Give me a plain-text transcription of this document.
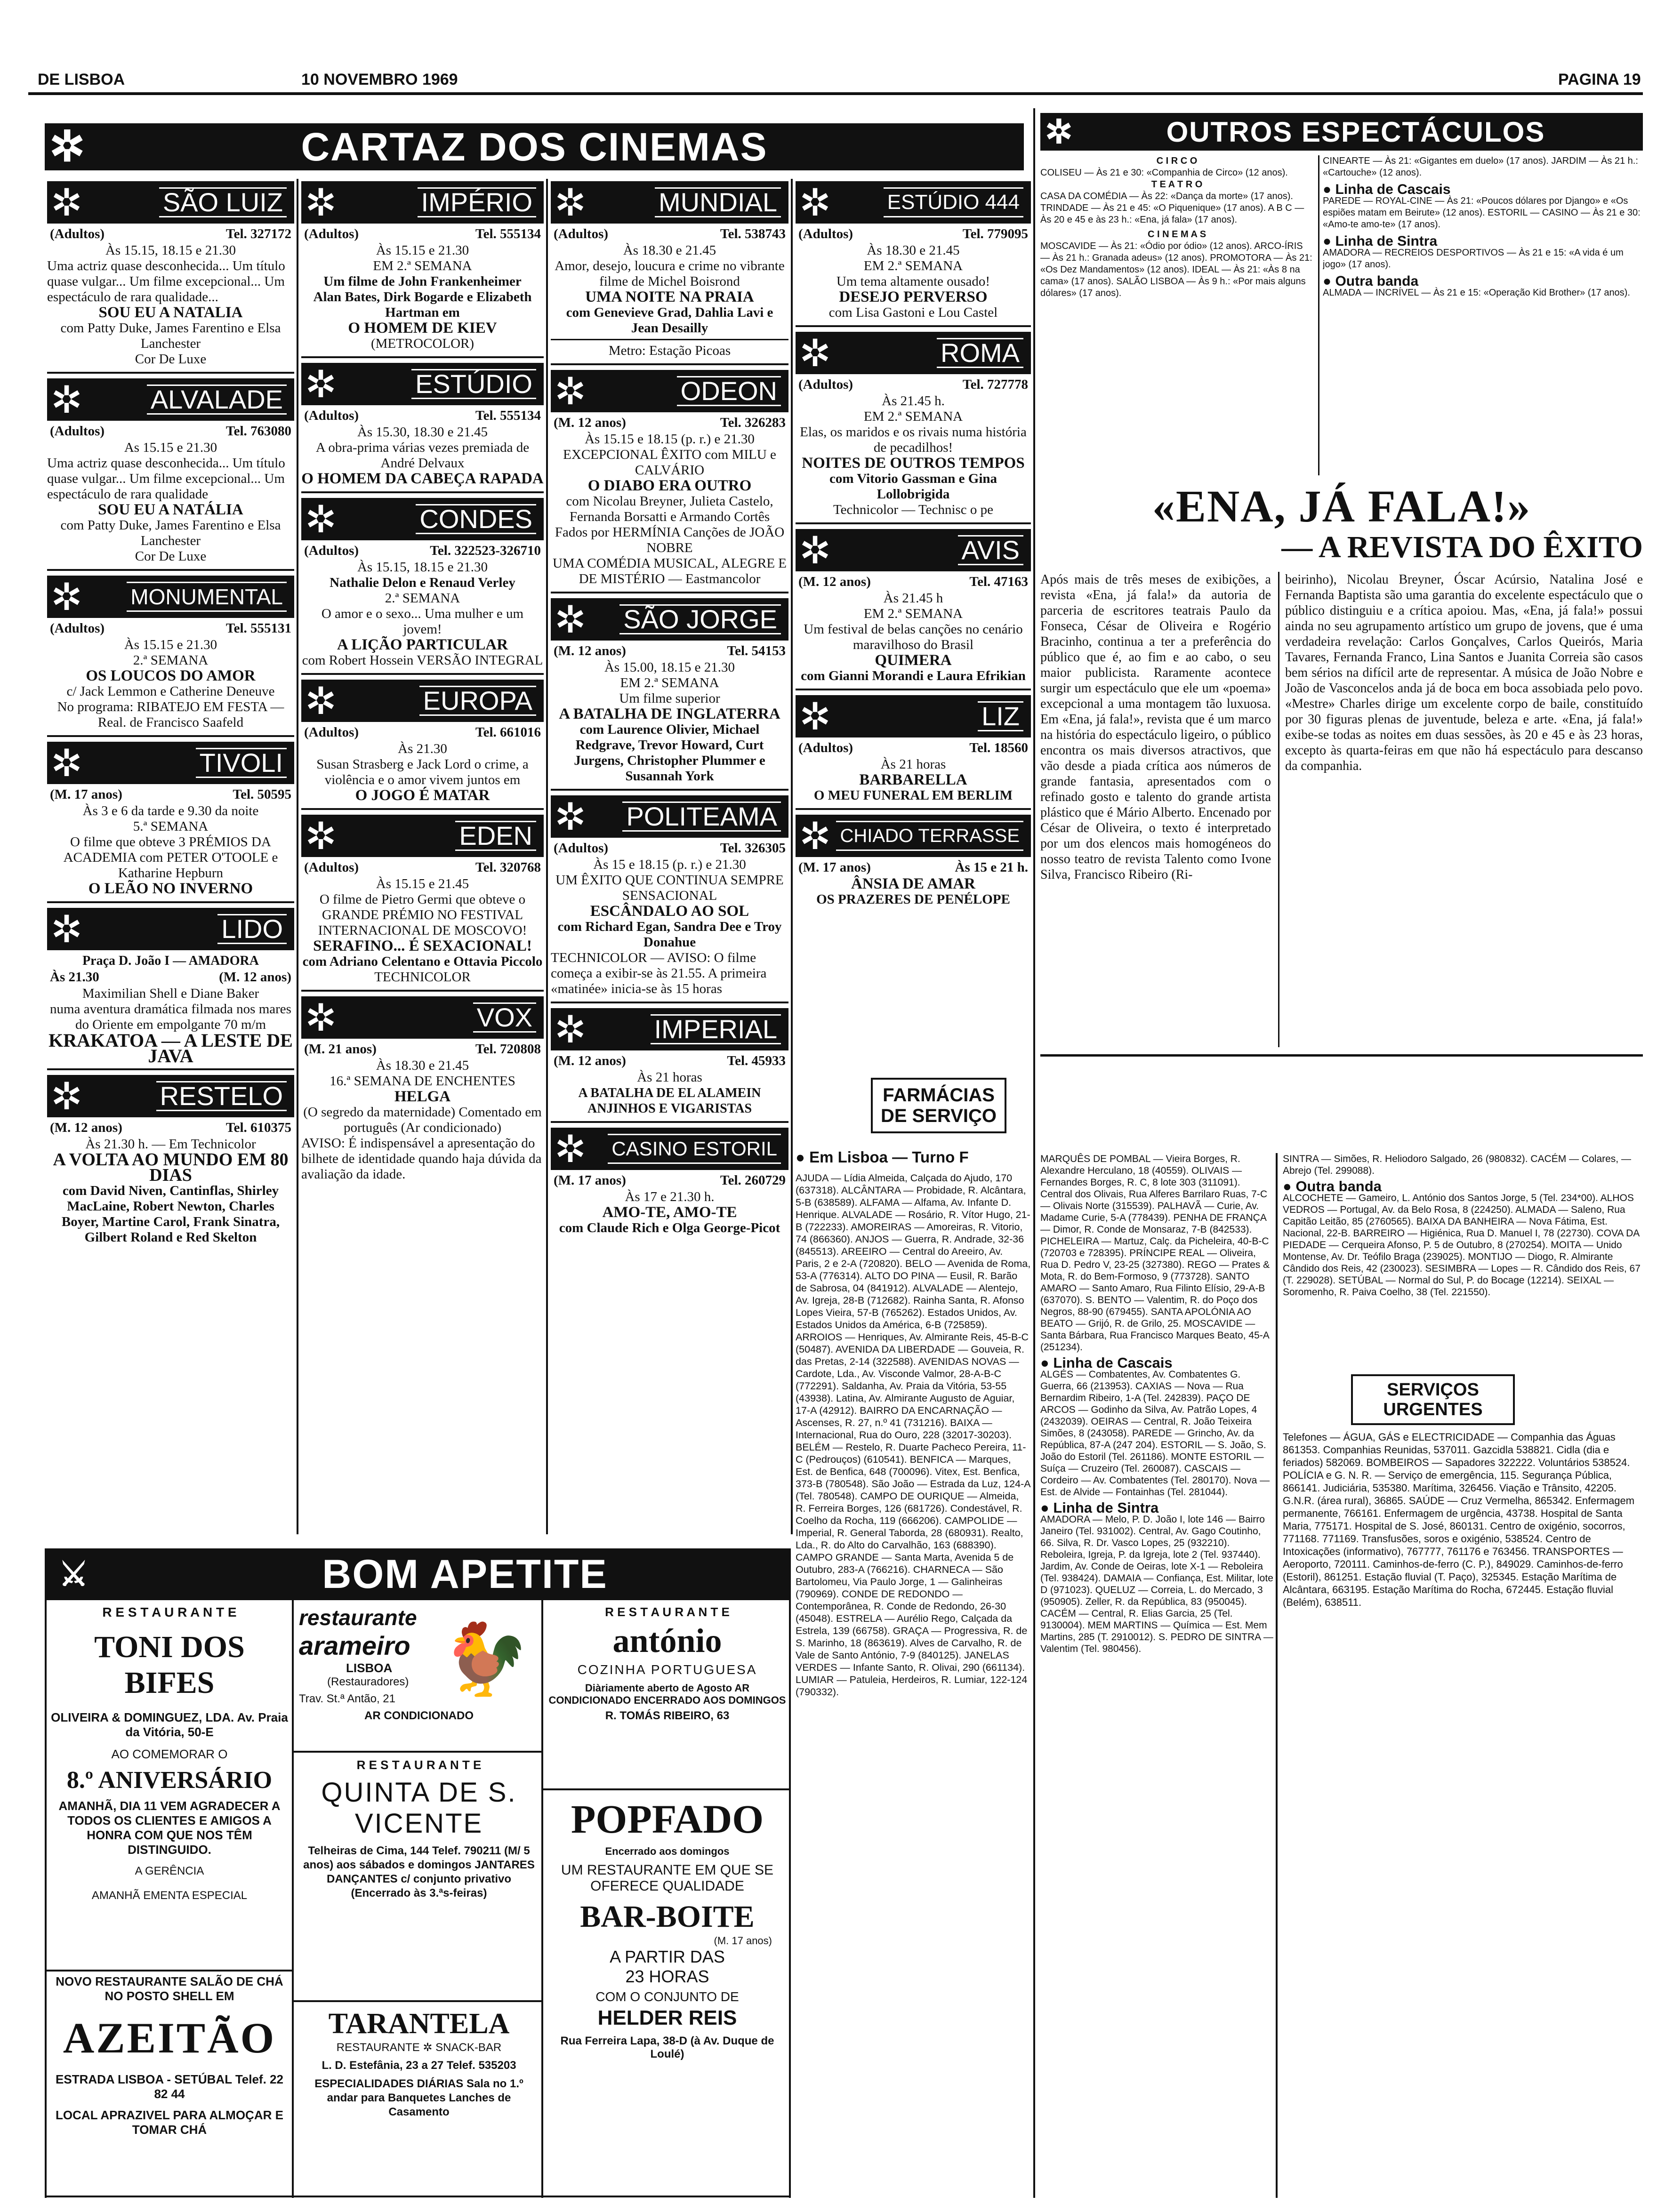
DE LISBOA	10 NOVEMBRO 1969	PAGINA 19
✲	CARTAZ DOS CINEMAS	✲	OUTROS ESPECTÁCULOS
✲	SÃO LUIZ
(Adultos)	Tel. 327172

Às 15.15, 18.15 e 21.30

Uma actriz quase desconhecida... Um título quase vulgar... Um filme excepcional... Um espectáculo de rara qualidade...

SOU EU A NATALIA

com Patty Duke, James Farentino e Elsa Lanchester

Cor De Luxe

✲	ALVALADE
(Adultos)	Tel. 763080

As 15.15 e 21.30

Uma actriz quase desconhecida... Um título quase vulgar... Um filme excepcional... Um espectáculo de rara qualidade

SOU EU A NATÁLIA

com Patty Duke, James Farentino e Elsa Lanchester

Cor De Luxe

✲ MONUMENTAL
(Adultos)	Tel. 555131

Às 15.15 e 21.30

2.ª SEMANA

OS LOUCOS DO AMOR

c/ Jack Lemmon e Catherine Deneuve

No programa: RIBATEJO EM FESTA — Real. de Francisco Saafeld

✲	TIVOLI
(M. 17 anos)	Tel. 50595

Às 3 e 6 da tarde e 9.30 da noite

5.ª SEMANA

O filme que obteve 3 PRÉMIOS DA ACADEMIA com PETER O'TOOLE e Katharine Hepburn

O LEÃO NO INVERNO

✲	LIDO

Praça D. João I — AMADORA

Às 21.30	(M. 12 anos)

Maximilian Shell e Diane Baker

numa aventura dramática filmada nos mares do Oriente em empolgante 70 m/m

KRAKATOA — A LESTE DE JAVA

✲	RESTELO
(M. 12 anos)	Tel. 610375

Às 21.30 h. — Em Technicolor

A VOLTA AO MUNDO EM 80 DIAS

com David Niven, Cantinflas, Shirley MacLaine, Robert Newton, Charles Boyer, Martine Carol, Frank Sinatra, Gilbert Roland e Red Skelton

✲	IMPÉRIO
(Adultos)	Tel. 555134

Às 15.15 e 21.30

EM 2.ª SEMANA

Um filme de John Frankenheimer

Alan Bates, Dirk Bogarde e Elizabeth Hartman em

O HOMEM DE KIEV

(METROCOLOR)

✲	ESTÚDIO
(Adultos)	Tel. 555134

Às 15.30, 18.30 e 21.45

A obra-prima várias vezes premiada de André Delvaux

O HOMEM DA CABEÇA RAPADA

✲	CONDES
(Adultos)	Tel. 322523-326710

Às 15.15, 18.15 e 21.30

Nathalie Delon e Renaud Verley

2.ª SEMANA

O amor e o sexo... Uma mulher e um jovem!

A LIÇÃO PARTICULAR

com Robert Hossein VERSÃO INTEGRAL

✲	EUROPA
(Adultos)	Tel. 661016

Às 21.30

Susan Strasberg e Jack Lord o crime, a violência e o amor vivem juntos em

O JOGO É MATAR

✲	EDEN
(Adultos)	Tel. 320768

Às 15.15 e 21.45

O filme de Pietro Germi que obteve o GRANDE PRÉMIO NO FESTIVAL INTERNACIONAL DE MOSCOVO!

SERAFINO... É SEXACIONAL!

com Adriano Celentano e Ottavia Piccolo

TECHNICOLOR

✲	VOX
(M. 21 anos)	Tel. 720808

Às 18.30 e 21.45

16.ª SEMANA DE ENCHENTES

HELGA

(O segredo da maternidade) Comentado em português (Ar condicionado)

AVISO: É indispensável a apresentação do bilhete de identidade quando haja dúvida da avaliação da idade.

✲	MUNDIAL
(Adultos)	Tel. 538743

Às 18.30 e 21.45

Amor, desejo, loucura e crime no vibrante filme de Michel Boisrond

UMA NOITE NA PRAIA

com Genevieve Grad, Dahlia Lavi e Jean Desailly

Metro: Estação Picoas

✲	ODEON
(M. 12 anos)	Tel. 326283

Às 15.15 e 18.15 (p. r.) e 21.30

EXCEPCIONAL ÊXITO com MILU e CALVÁRIO

O DIABO ERA OUTRO

com Nicolau Breyner, Julieta Castelo, Fernanda Borsatti e Armando Cortês

Fados por HERMÍNIA Canções de JOÃO NOBRE

UMA COMÉDIA MUSICAL, ALEGRE E DE MISTÉRIO — Eastmancolor

✲ SÃO JORGE
(M. 12 anos)	Tel. 54153

Às 15.00, 18.15 e 21.30

EM 2.ª SEMANA

Um filme superior

A BATALHA DE INGLATERRA

com Laurence Olivier, Michael Redgrave, Trevor Howard, Curt Jurgens, Christopher Plummer e Susannah York

✲ POLITEAMA
(Adultos)	Tel. 326305

Às 15 e 18.15 (p. r.) e 21.30

UM ÊXITO QUE CONTINUA SEMPRE SENSACIONAL

ESCÂNDALO AO SOL

com Richard Egan, Sandra Dee e Troy Donahue

TECHNICOLOR — AVISO: O filme começa a exibir-se às 21.55. A primeira «matinée» inicia-se às 15 horas

✲	IMPERIAL
(M. 12 anos)	Tel. 45933

Às 21 horas

A BATALHA DE EL ALAMEIN

ANJINHOS E VIGARISTAS

✲ CASINO ESTORIL
(M. 17 anos)	Tel. 260729

Às 17 e 21.30 h.

AMO-TE, AMO-TE

com Claude Rich e Olga George-Picot

✲	ESTÚDIO 444
(Adultos)	Tel. 779095

Às 18.30 e 21.45

EM 2.ª SEMANA

Um tema altamente ousado!

DESEJO PERVERSO

com Lisa Gastoni e Lou Castel

✲	ROMA
(Adultos)	Tel. 727778

Às 21.45 h.

EM 2.ª SEMANA

Elas, os maridos e os rivais numa história de pecadilhos!

NOITES DE OUTROS TEMPOS

com Vitorio Gassman e Gina Lollobrigida

Technicolor — Technisc o pe

✲	AVIS
(M. 12 anos)	Tel. 47163

Às 21.45 h

EM 2.ª SEMANA

Um festival de belas canções no cenário maravilhoso do Brasil

QUIMERA

com Gianni Morandi e Laura Efrikian

✲	LIZ
(Adultos)	Tel. 18560

Às 21 horas

BARBARELLA

O MEU FUNERAL EM BERLIM

✲ CHIADO TERRASSE
(M. 17 anos)	Às 15 e 21 h.

ÂNSIA DE AMAR

OS PRAZERES DE PENÉLOPE

FARMÁCIAS DE SERVIÇO
C I R C O
COLISEU — Às 21 e 30: «Companhia de Circo» (12 anos).
T E A T R O
CASA DA COMÉDIA — Às 22: «Dança da morte» (17 anos). TRINDADE — Às 21 e 45: «O Piquenique» (17 anos). A B C — Às 20 e 45 e às 23 h.: «Ena, já fala» (17 anos).
C I N E M A S
MOSCAVIDE — Às 21: «Ódio por ódio» (12 anos). ARCO-ÍRIS — Às 21 h.: Granada adeus» (12 anos). PROMOTORA — Às 21: «Os Dez Mandamentos» (12 anos). IDEAL — Às 21: «Às 8 na cama» (17 anos). SALÃO LISBOA — Às 9 h.: «Por mais alguns dólares» (17 anos).
CINEARTE — Às 21: «Gigantes em duelo» (17 anos). JARDIM — Às 21 h.: «Cartouche» (12 anos).
● Linha de Cascais
PAREDE — ROYAL-CINE — Às 21: «Poucos dólares por Django» e «Os espiões matam em Beirute» (12 anos). ESTORIL — CASINO — Às 21 e 30: «Amo-te amo-te» (17 anos).
● Linha de Sintra
AMADORA — RECREIOS DESPORTIVOS — Às 21 e 15: «A vida é um jogo» (17 anos).
● Outra banda
ALMADA — INCRÍVEL — Às 21 e 15: «Operação Kid Brother» (17 anos).
«ENA, JÁ FALA!»
— A REVISTA DO ÊXITO
Após mais de três meses de exibições, a revista «Ena, já fala!» da autoria de parceria de escritores teatrais Paulo da Fonseca, César de Oliveira e Rogério Bracinho, continua a ter a preferência do público que é, ao fim e ao cabo, o seu maior publicista. Raramente acontece surgir um espectáculo que ele um «poema» excepcional a uma montagem tão luxuosa. Em «Ena, já fala!», revista que é um marco na história do espectáculo ligeiro, o público encontra os mais diversos atractivos, que vão desde a piada crítica aos números de grande fantasia, apresentados com o refinado gosto e talento do grande artista plástico que é Mário Alberto. Encenado por César de Oliveira, o texto é interpretado por um dos elencos mais homogéneos do nosso teatro de revista Talento como Ivone Silva, Francisco Ribeiro (Ri-
beirinho), Nicolau Breyner, Óscar Acúrsio, Natalina José e Fernanda Baptista são uma garantia do excelente espectáculo que o público distinguiu e a crítica apoiou. Mas, «Ena, já fala!» possui ainda no seu agrupamento artístico um grupo de jovens, que é uma verdadeira revelação: Carlos Gonçalves, Carlos Queirós, Maria Tavares, Fernanda Franco, Lina Santos e Juanita Correia são casos bem sérios na difícil arte de representar. A música de João Nobre e João de Vasconcelos anda já de boca em boca assobiada pelo povo. «Mestre» Charles dirige um excelente corpo de baile, constituído por 30 figuras plenas de juventude, beleza e arte. «Ena, já fala!» exibe-se todas as noites em duas sessões, às 20 e 45 e às 23 horas, excepto às quarta-feiras em que não há espectáculo para descanso da companhia.
● Em Lisboa — Turno F
AJUDA — Lídia Almeida, Calçada do Ajudo, 170 (637318). ALCÂNTARA — Probidade, R. Alcântara, 5-B (638589). ALFAMA — Alfama, Av. Infante D. Henrique. ALVALADE — Rosário, R. Vítor Hugo, 21-B (722233). AMOREIRAS — Amoreiras, R. Vitorio, 74 (866360). ANJOS — Guerra, R. Andrade, 32-36 (845513). AREEIRO — Central do Areeiro, Av. Paris, 2 e 2-A (720820). BELO — Avenida de Roma, 53-A (776314). ALTO DO PINA — Eusil, R. Barão de Sabrosa, 04 (841912). ALVALADE — Alentejo, Av. Igreja, 28-B (712682). Rainha Santa, R. Afonso Lopes Vieira, 57-B (765262). Estados Unidos, Av. Estados Unidos da América, 6-B (725859). ARROIOS — Henriques, Av. Almirante Reis, 45-B-C (50487). AVENIDA DA LIBERDADE — Gouveia, R. das Pretas, 2-14 (322588). AVENIDAS NOVAS — Cardote, Lda., Av. Visconde Valmor, 28-A-B-C (772291). Saldanha, Av. Praia da Vitória, 53-55 (43938). Latina, Av. Almirante Augusto de Aguiar, 17-A (42912). BAIRRO DA ENCARNAÇÃO — Ascenses, R. 27, n.º 41 (731216). BAIXA — Internacional, Rua do Ouro, 228 (32017-30203). BELÉM — Restelo, R. Duarte Pacheco Pereira, 11-C (Pedrouços) (610541). BENFICA — Marques, Est. de Benfica, 648 (700096). Vitex, Est. Benfica, 373-B (780548). São João — Estrada da Luz, 124-A (Tel. 780548). CAMPO DE OURIQUE — Almeida, R. Ferreira Borges, 126 (681726). Condestável, R. Coelho da Rocha, 119 (666206). CAMPOLIDE — Imperial, R. General Taborda, 28 (680931). Realto, Lda., R. do Alto do Carvalhão, 163 (688390). CAMPO GRANDE — Santa Marta, Avenida 5 de Outubro, 283-A (766216). CHARNECA — São Bartolomeu, Via Paulo Jorge, 1 — Galinheiras (790969). CONDE DE REDONDO — Contemporânea, R. Conde de Redondo, 26-30 (45048). ESTRELA — Aurélio Rego, Calçada da Estrela, 139 (66758). GRAÇA — Progressiva, R. de S. Marinho, 18 (863619). Alves de Carvalho, R. de Vale de Santo António, 7-9 (840125). JANELAS VERDES — Infante Santo, R. Olivai, 290 (661134). LUMIAR — Patuleia, Herdeiros, R. Lumiar, 122-124 (790332).
MARQUÊS DE POMBAL — Vieira Borges, R. Alexandre Herculano, 18 (40559). OLIVAIS — Fernandes Borges, R. C, 8 lote 303 (311091). Central dos Olivais, Rua Alferes Barrilaro Ruas, 7-C — Olivais Norte (315539). PALHAVÃ — Curie, Av. Madame Curie, 5-A (778439). PENHA DE FRANÇA — Dimor, R. Conde de Monsaraz, 7-B (842533). PICHELEIRA — Martuz, Calç. da Picheleira, 40-B-C (720703 e 728395). PRÍNCIPE REAL — Oliveira, Rua D. Pedro V, 23-25 (327380). REGO — Prates & Mota, R. do Bem-Formoso, 9 (773728). SANTO AMARO — Santo Amaro, Rua Filinto Elísio, 29-A-B (637070). S. BENTO — Valentim, R. do Poço dos Negros, 88-90 (679455). SANTA APOLÓNIA AO BEATO — Grijó, R. de Grilo, 25. MOSCAVIDE — Santa Bárbara, Rua Francisco Marques Beato, 45-A (251234).
● Linha de Cascais
ALGÉS — Combatentes, Av. Combatentes G. Guerra, 66 (213953). CAXIAS — Nova — Rua Bernardim Ribeiro, 1-A (Tel. 242839). PAÇO DE ARCOS — Godinho da Silva, Av. Patrão Lopes, 4 (2432039). OEIRAS — Central, R. João Teixeira Simões, 8 (243058). PAREDE — Grincho, Av. da República, 87-A (247 204). ESTORIL — S. João, S. João do Estoril (Tel. 261186). MONTE ESTORIL — Suíça — Cruzeiro (Tel. 260087). CASCAIS — Cordeiro — Av. Combatentes (Tel. 280170). Nova — Est. de Alvide — Fontainhas (Tel. 281044).
● Linha de Sintra
AMADORA — Melo, P. D. João I, lote 146 — Bairro Janeiro (Tel. 931002). Central, Av. Gago Coutinho, 66. Silva, R. Dr. Vasco Lopes, 25 (932210). Reboleira, Igreja, P. da Igreja, lote 2 (Tel. 937440). Jardim, Av. Conde de Oeiras, lote X-1 — Reboleira (Tel. 938424). DAMAIA — Confiança, Est. Militar, lote D (971023). QUELUZ — Correia, L. do Mercado, 3 (950905). Zeller, R. da República, 83 (950045). CACÉM — Central, R. Elias Garcia, 25 (Tel. 9130004). MEM MARTINS — Química — Est. Mem Martins, 285 (T. 2910012). S. PEDRO DE SINTRA — Valentim (Tel. 980456).
SINTRA — Simões, R. Heliodoro Salgado, 26 (980832). CACÉM — Colares, — Abrejo (Tel. 299088).
● Outra banda
ALCOCHETE — Gameiro, L. António dos Santos Jorge, 5 (Tel. 234*00). ALHOS VEDROS — Portugal, Av. da Belo Rosa, 8 (224250). ALMADA — Saleno, Rua Capitão Leitão, 85 (2760565). BAIXA DA BANHEIRA — Nova Fátima, Est. Nacional, 22-B. BARREIRO — Higiénica, Rua D. Manuel I, 78 (22730). COVA DA PIEDADE — Cerqueira Afonso, P. 5 de Outubro, 8 (270254). MOITA — Unido Montense, Av. Dr. Teófilo Braga (239025). MONTIJO — Diogo, R. Almirante Cândido dos Reis, 42 (230023). SESIMBRA — Lopes — R. Cândido dos Reis, 67 (T. 229028). SETÚBAL — Normal do Sul, P. do Bocage (12214). SEIXAL — Soromenho, R. Paiva Coelho, 38 (Tel. 221550).
SERVIÇOS URGENTES
Telefones — ÁGUA, GÁS e ELECTRICIDADE — Companhia das Águas 861353. Companhias Reunidas, 537011. Gazcidla 538821. Cidla (dia e feriados) 582069. BOMBEIROS — Sapadores 322222. Voluntários 538524. POLÍCIA e G. N. R. — Serviço de emergência, 115. Segurança Pública, 866141. Judiciária, 535380. Marítima, 326456. Viação e Trânsito, 42205. G.N.R. (área rural), 36865. SAÚDE — Cruz Vermelha, 865342. Enfermagem permanente, 766161. Enfermagem de urgência, 43738. Hospital de Santa Maria, 775171. Hospital de S. José, 860131. Centro de oxigénio, socorros, 771168. 771169. Transfusões, soros e oxigénio, 538524. Centro de Intoxicações (informativo), 767777, 761176 e 763456. TRANSPORTES — Aeroporto, 720111. Caminhos-de-ferro (C. P.), 849029. Caminhos-de-ferro (Estoril), 861251. Estação fluvial (T. Paço), 325345. Estação Marítima de Alcântara, 663195. Estação Marítima do Rocha, 672445. Estação fluvial (Belém), 638511.
⚔	BOM APETITE

R E S T A U R A N T E

TONI DOS BIFES

OLIVEIRA & DOMINGUEZ, LDA. Av. Praia da Vitória, 50-E

AO COMEMORAR O

8.º ANIVERSÁRIO

AMANHÃ, DIA 11 VEM AGRADECER A TODOS OS CLIENTES E AMIGOS A HONRA COM QUE NOS TÊM DISTINGUIDO.

A GERÊNCIA

AMANHÃ EMENTA ESPECIAL

NOVO RESTAURANTE SALÃO DE CHÁ NO POSTO SHELL EM

AZEITÃO

ESTRADA LISBOA - SETÚBAL Telef. 22 82 44

LOCAL APRAZIVEL PARA ALMOÇAR E TOMAR CHÁ

restaurante

arameiro 🐓

LISBOA

(Restauradores)

Trav. St.ª Antão, 21

AR CONDICIONADO

R E S T A U R A N T E

QUINTA DE S. VICENTE

Telheiras de Cima, 144 Telef. 790211 (M/ 5 anos) aos sábados e domingos JANTARES DANÇANTES c/ conjunto privativo (Encerrado às 3.ªs-feiras)

TARANTELA

RESTAURANTE ✲ SNACK-BAR

L. D. Estefânia, 23 a 27 Telef. 535203

ESPECIALIDADES DIÁRIAS Sala no 1.º andar para Banquetes Lanches de Casamento

R E S T A U R A N T E

antónio

COZINHA PORTUGUESA

Diàriamente aberto de Agosto AR CONDICIONADO ENCERRADO AOS DOMINGOS

R. TOMÁS RIBEIRO, 63

POPFADO

Encerrado aos domingos

UM RESTAURANTE EM QUE SE OFERECE QUALIDADE

BAR-BOITE

(M. 17 anos)

A PARTIR DAS

23 HORAS

COM O CONJUNTO DE

HELDER REIS

Rua Ferreira Lapa, 38-D (à Av. Duque de Loulé)
